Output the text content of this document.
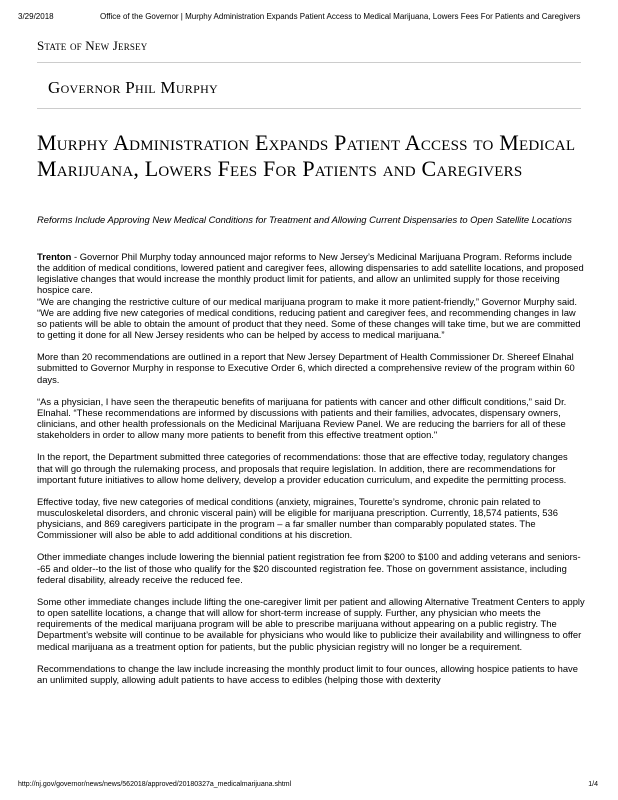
3/29/2018	Office of the Governor | Murphy Administration Expands Patient Access to Medical Marijuana, Lowers Fees For Patients and Caregivers
State of New Jersey
Governor Phil Murphy
Murphy Administration Expands Patient Access to Medical Marijuana, Lowers Fees For Patients and Caregivers

Reforms Include Approving New Medical Conditions for Treatment and Allowing Current Dispensaries to Open Satellite Locations

Trenton - Governor Phil Murphy today announced major reforms to New Jersey’s Medicinal Marijuana Program. Reforms include the addition of medical conditions, lowered patient and caregiver fees, allowing dispensaries to add satellite locations, and proposed legislative changes that would increase the monthly product limit for patients, and allow an unlimited supply for those receiving hospice care.

“We are changing the restrictive culture of our medical marijuana program to make it more patient-friendly,” Governor Murphy said. “We are adding five new categories of medical conditions, reducing patient and caregiver fees, and recommending changes in law so patients will be able to obtain the amount of product that they need. Some of these changes will take time, but we are committed to getting it done for all New Jersey residents who can be helped by access to medical marijuana.”

More than 20 recommendations are outlined in a report that New Jersey Department of Health Commissioner Dr. Shereef Elnahal submitted to Governor Murphy in response to Executive Order 6, which directed a comprehensive review of the program within 60 days.

“As a physician, I have seen the therapeutic benefits of marijuana for patients with cancer and other difficult conditions,” said Dr. Elnahal. “These recommendations are informed by discussions with patients and their families, advocates, dispensary owners, clinicians, and other health professionals on the Medicinal Marijuana Review Panel. We are reducing the barriers for all of these stakeholders in order to allow many more patients to benefit from this effective treatment option."

In the report, the Department submitted three categories of recommendations: those that are effective today, regulatory changes that will go through the rulemaking process, and proposals that require legislation. In addition, there are recommendations for important future initiatives to allow home delivery, develop a provider education curriculum, and expedite the permitting process.

Effective today, five new categories of medical conditions (anxiety, migraines, Tourette’s syndrome, chronic pain related to musculoskeletal disorders, and chronic visceral pain) will be eligible for marijuana prescription. Currently, 18,574 patients, 536 physicians, and 869 caregivers participate in the program – a far smaller number than comparably populated states. The Commissioner will also be able to add additional conditions at his discretion.

Other immediate changes include lowering the biennial patient registration fee from $200 to $100 and adding veterans and seniors--65 and older--to the list of those who qualify for the $20 discounted registration fee. Those on government assistance, including federal disability, already receive the reduced fee.

Some other immediate changes include lifting the one-caregiver limit per patient and allowing Alternative Treatment Centers to apply to open satellite locations, a change that will allow for short-term increase of supply. Further, any physician who meets the requirements of the medical marijuana program will be able to prescribe marijuana without appearing on a public registry. The Department’s website will continue to be available for physicians who would like to publicize their availability and willingness to offer medical marijuana as a treatment option for patients, but the public physician registry will no longer be a requirement.

Recommendations to change the law include increasing the monthly product limit to four ounces, allowing hospice patients to have an unlimited supply, allowing adult patients to have access to edibles (helping those with dexterity

http://nj.gov/governor/news/news/562018/approved/20180327a_medicalmarijuana.shtml	1/4
